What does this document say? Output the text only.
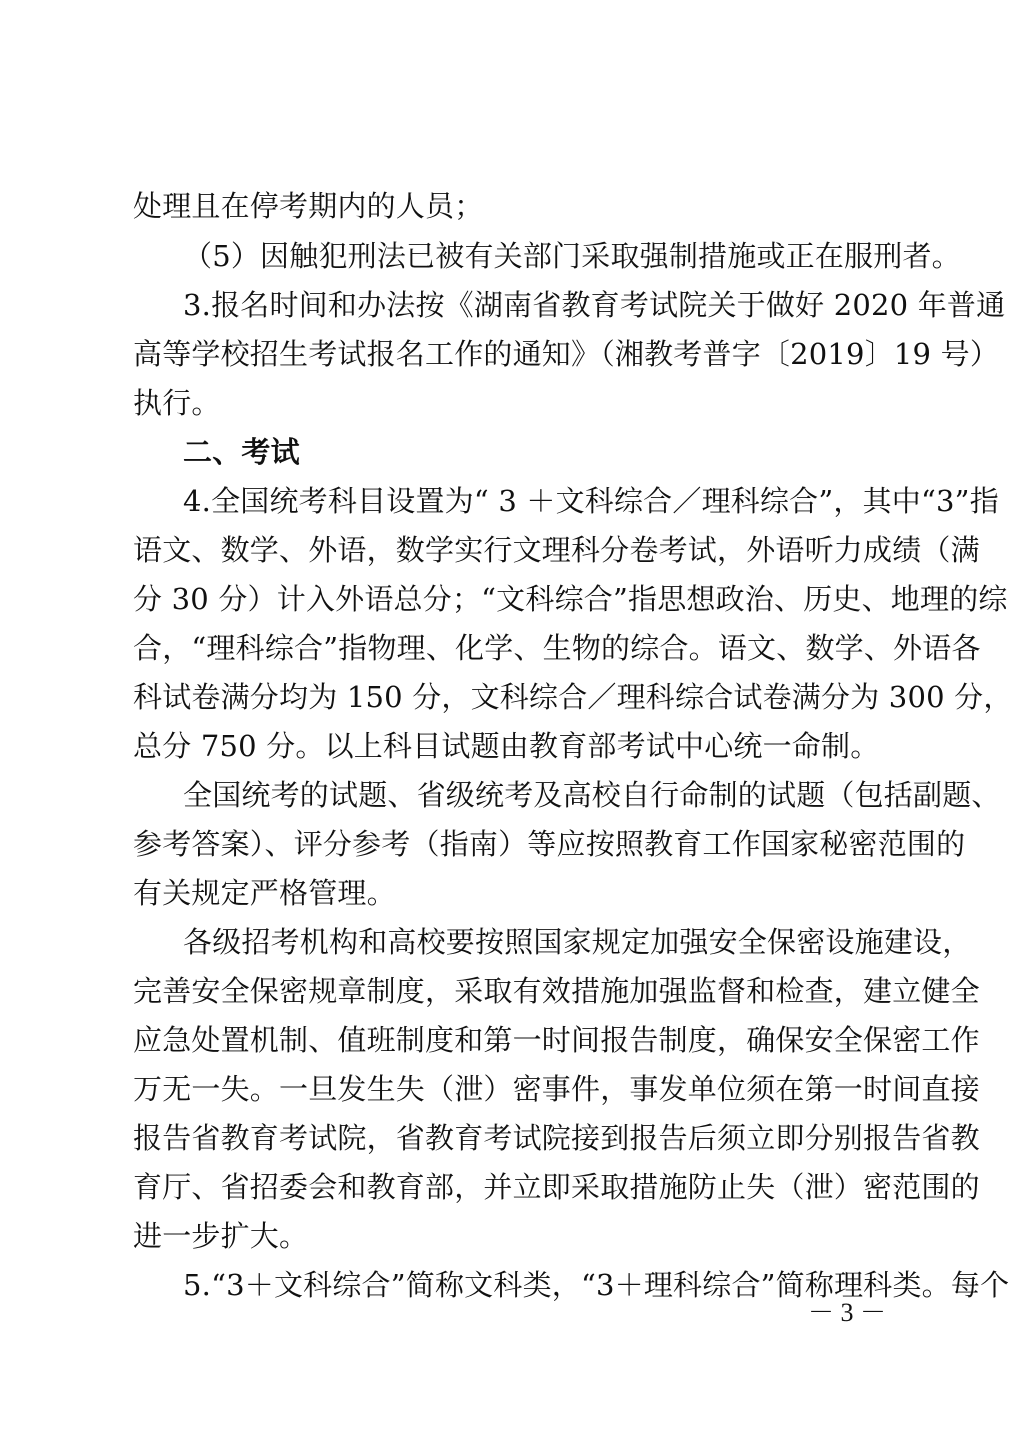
处理且在停考期内的人员；
（5）因触犯刑法已被有关部门采取强制措施或正在服刑者。
3.报名时间和办法按《湖南省教育考试院关于做好 2020 年普通
高等学校招生考试报名工作的通知》（湘教考普字〔2019〕19 号）
执行。
二、考试
4.全国统考科目设置为“ 3 ＋文科综合／理科综合”，其中“3”指
语文、数学、外语，数学实行文理科分卷考试，外语听力成绩（满
分 30 分）计入外语总分；“文科综合”指思想政治、历史、地理的综
合，“理科综合”指物理、化学、生物的综合。语文、数学、外语各
科试卷满分均为 150 分，文科综合／理科综合试卷满分为 300 分，
总分 750 分。以上科目试题由教育部考试中心统一命制。
全国统考的试题、省级统考及高校自行命制的试题（包括副题、
参考答案）、评分参考（指南）等应按照教育工作国家秘密范围的
有关规定严格管理。
各级招考机构和高校要按照国家规定加强安全保密设施建设，
完善安全保密规章制度，采取有效措施加强监督和检查，建立健全
应急处置机制、值班制度和第一时间报告制度，确保安全保密工作
万无一失。一旦发生失（泄）密事件，事发单位须在第一时间直接
报告省教育考试院，省教育考试院接到报告后须立即分别报告省教
育厅、省招委会和教育部，并立即采取措施防止失（泄）密范围的
进一步扩大。
5.“3＋文科综合”简称文科类，“3＋理科综合”简称理科类。每个
－ 3 －
